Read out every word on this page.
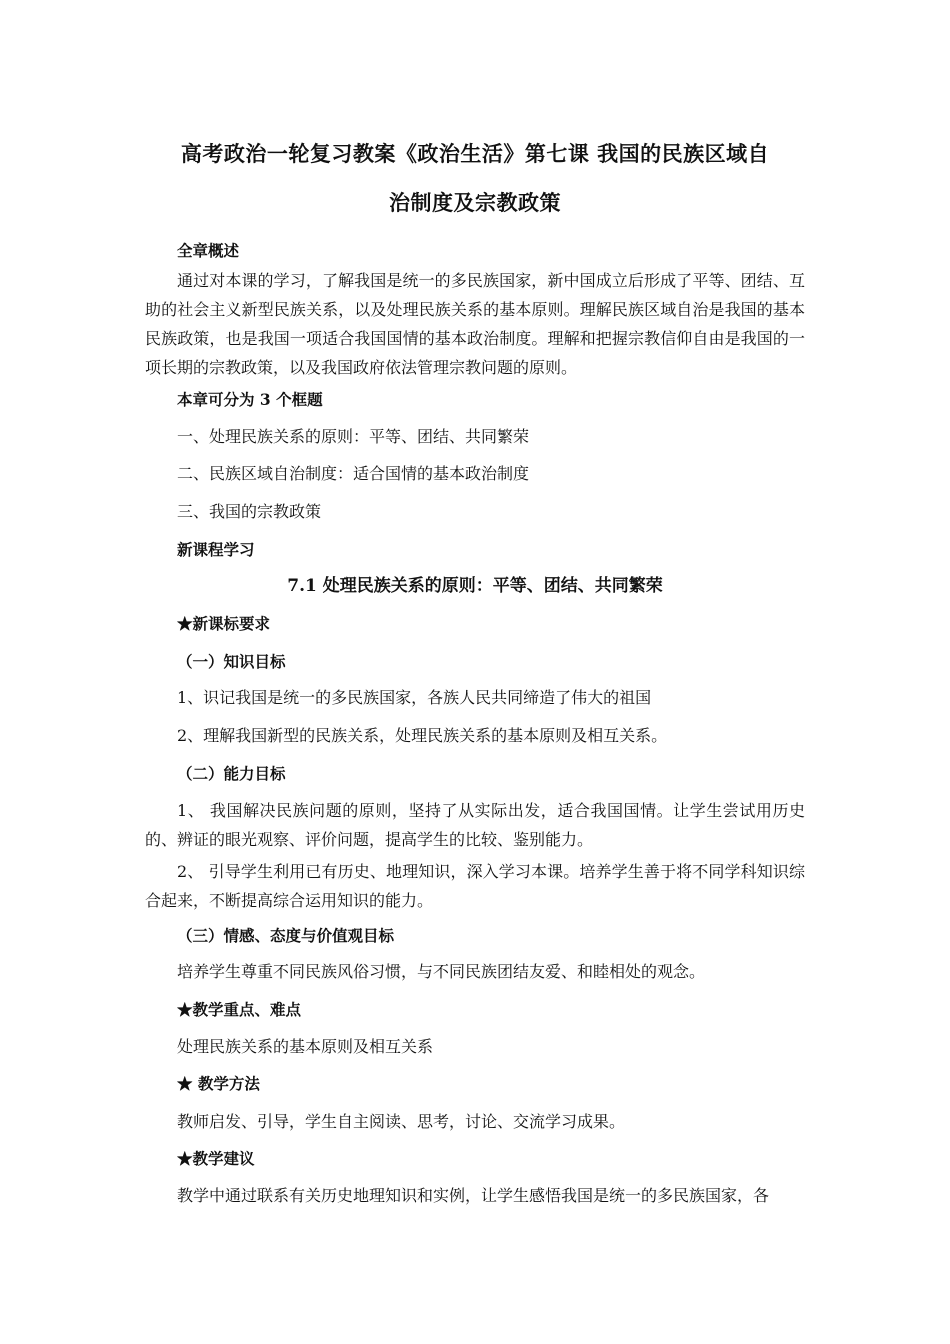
高考政治一轮复习教案《政治生活》第七课 我国的民族区域自
治制度及宗教政策
全章概述
通过对本课的学习，了解我国是统一的多民族国家，新中国成立后形成了平等、团结、互助的社会主义新型民族关系，以及处理民族关系的基本原则。理解民族区域自治是我国的基本民族政策，也是我国一项适合我国国情的基本政治制度。理解和把握宗教信仰自由是我国的一项长期的宗教政策，以及我国政府依法管理宗教问题的原则。
本章可分为 3 个框题
一、处理民族关系的原则：平等、团结、共同繁荣
二、民族区域自治制度：适合国情的基本政治制度
三、我国的宗教政策
新课程学习
7.1 处理民族关系的原则：平等、团结、共同繁荣
★新课标要求
（一）知识目标
1、识记我国是统一的多民族国家，各族人民共同缔造了伟大的祖国
2、理解我国新型的民族关系，处理民族关系的基本原则及相互关系。
（二）能力目标
1、 我国解决民族问题的原则，坚持了从实际出发，适合我国国情。让学生尝试用历史的、辨证的眼光观察、评价问题，提高学生的比较、鉴别能力。
2、 引导学生利用已有历史、地理知识，深入学习本课。培养学生善于将不同学科知识综合起来，不断提高综合运用知识的能力。
（三）情感、态度与价值观目标
培养学生尊重不同民族风俗习惯，与不同民族团结友爱、和睦相处的观念。
★教学重点、难点
处理民族关系的基本原则及相互关系
★ 教学方法
教师启发、引导，学生自主阅读、思考，讨论、交流学习成果。
★教学建议
教学中通过联系有关历史地理知识和实例，让学生感悟我国是统一的多民族国家，各
